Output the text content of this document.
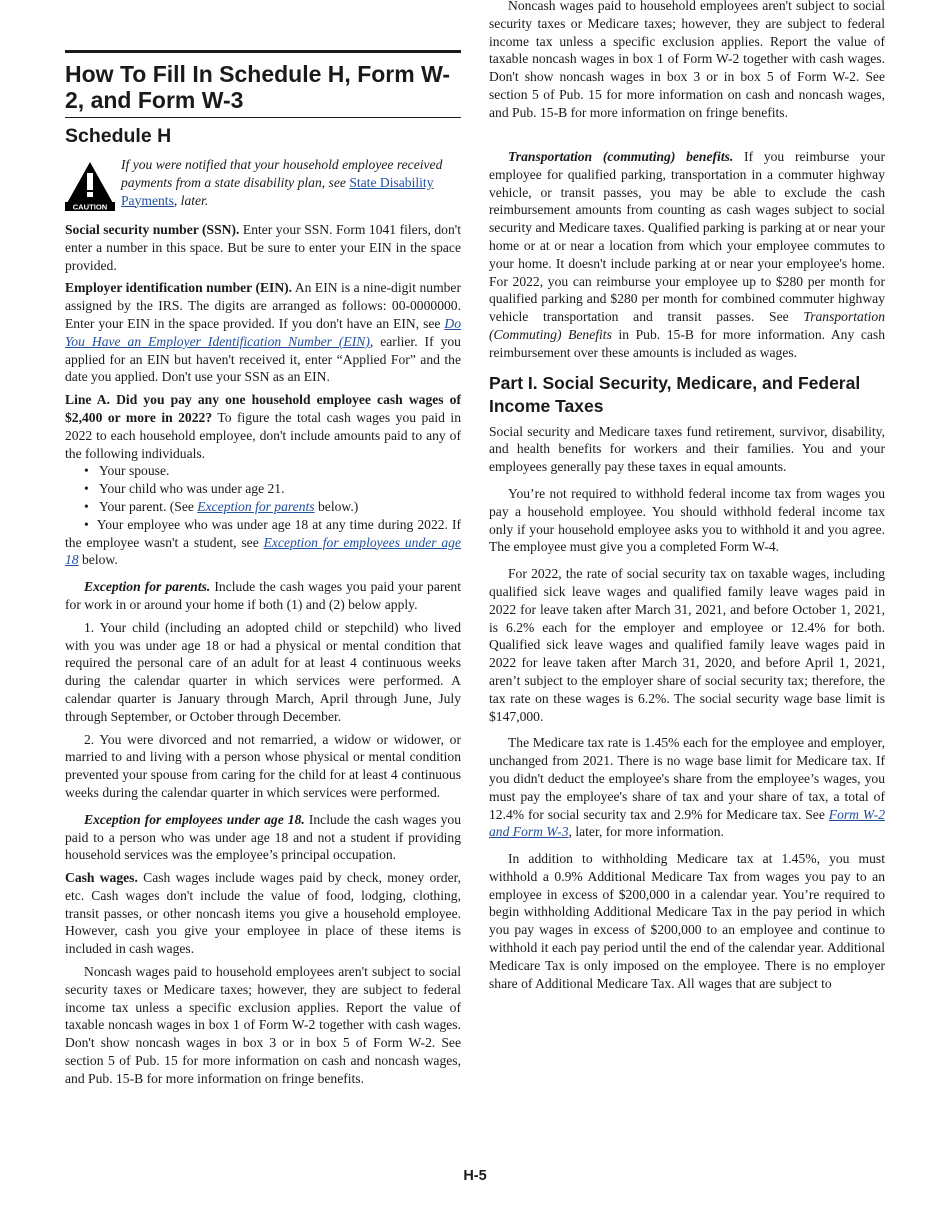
How To Fill In Schedule H, Form W-2, and Form W-3
Schedule H
CAUTION
If you were notified that your household employee received payments from a state disability plan, see State Disability Payments, later.

Social security number (SSN). Enter your SSN. Form 1041 filers, don't enter a number in this space. But be sure to enter your EIN in the space provided.

Employer identification number (EIN). An EIN is a nine-digit number assigned by the IRS. The digits are arranged as follows: 00-0000000. Enter your EIN in the space provided. If you don't have an EIN, see Do You Have an Employer Identification Number (EIN), earlier. If you applied for an EIN but haven't received it, enter “Applied For” and the date you applied. Don't use your SSN as an EIN.

Line A. Did you pay any one household employee cash wages of $2,400 or more in 2022? To figure the total cash wages you paid in 2022 to each household employee, don't include amounts paid to any of the following individuals.

• Your spouse.
• Your child who was under age 21.
• Your parent. (See Exception for parents below.)

•  Your employee who was under age 18 at any time during 2022. If the employee wasn't a student, see Exception for employees under age 18 below.

Exception for parents. Include the cash wages you paid your parent for work in or around your home if both (1) and (2) below apply.

1. Your child (including an adopted child or stepchild) who lived with you was under age 18 or had a physical or mental condition that required the personal care of an adult for at least 4 continuous weeks during the calendar quarter in which services were performed. A calendar quarter is January through March, April through June, July through September, or October through December.

2. You were divorced and not remarried, a widow or widower, or married to and living with a person whose physical or mental condition prevented your spouse from caring for the child for at least 4 continuous weeks during the calendar quarter in which services were performed.

Exception for employees under age 18. Include the cash wages you paid to a person who was under age 18 and not a student if providing household services was the employee’s principal occupation.

Cash wages. Cash wages include wages paid by check, money order, etc. Cash wages don't include the value of food, lodging, clothing, transit passes, or other noncash items you give a household employee. However, cash you give your employee in place of these items is included in cash wages.

Noncash wages paid to household employees aren't subject to social security taxes or Medicare taxes; however, they are subject to federal income tax unless a specific exclusion applies. Report the value of taxable noncash wages in box 1 of Form W-2 together with cash wages. Don't show noncash wages in box 3 or in box 5 of Form W-2. See section 5 of Pub. 15 for more information on cash and noncash wages, and Pub. 15-B for more information on fringe benefits.

Noncash wages paid to household employees aren't subject to social security taxes or Medicare taxes; however, they are subject to federal income tax unless a specific exclusion applies. Report the value of taxable noncash wages in box 1 of Form W-2 together with cash wages. Don't show noncash wages in box 3 or in box 5 of Form W-2. See section 5 of Pub. 15 for more information on cash and noncash wages, and Pub. 15-B for more information on fringe benefits.

Transportation (commuting) benefits. If you reimburse your employee for qualified parking, transportation in a commuter highway vehicle, or transit passes, you may be able to exclude the cash reimbursement amounts from counting as cash wages subject to social security and Medicare taxes. Qualified parking is parking at or near your home or at or near a location from which your employee commutes to your home. It doesn't include parking at or near your employee's home. For 2022, you can reimburse your employee up to $280 per month for qualified parking and $280 per month for combined commuter highway vehicle transportation and transit passes. See Transportation (Commuting) Benefits in Pub. 15-B for more information. Any cash reimbursement over these amounts is included as wages.

Part I. Social Security, Medicare, and Federal Income Taxes

Social security and Medicare taxes fund retirement, survivor, disability, and health benefits for workers and their families. You and your employees generally pay these taxes in equal amounts.

You’re not required to withhold federal income tax from wages you pay a household employee. You should withhold federal income tax only if your household employee asks you to withhold it and you agree. The employee must give you a completed Form W-4.

For 2022, the rate of social security tax on taxable wages, including qualified sick leave wages and qualified family leave wages paid in 2022 for leave taken after March 31, 2021, and before October 1, 2021, is 6.2% each for the employer and employee or 12.4% for both. Qualified sick leave wages and qualified family leave wages paid in 2022 for leave taken after March 31, 2020, and before April 1, 2021, aren’t subject to the employer share of social security tax; therefore, the tax rate on these wages is 6.2%. The social security wage base limit is $147,000.

The Medicare tax rate is 1.45% each for the employee and employer, unchanged from 2021. There is no wage base limit for Medicare tax. If you didn't deduct the employee's share from the employee’s wages, you must pay the employee's share of tax and your share of tax, a total of 12.4% for social security tax and 2.9% for Medicare tax. See Form W-2 and Form W-3, later, for more information.

In addition to withholding Medicare tax at 1.45%, you must withhold a 0.9% Additional Medicare Tax from wages you pay to an employee in excess of $200,000 in a calendar year. You’re required to begin withholding Additional Medicare Tax in the pay period in which you pay wages in excess of $200,000 to an employee and continue to withhold it each pay period until the end of the calendar year. Additional Medicare Tax is only imposed on the employee. There is no employer share of Additional Medicare Tax. All wages that are subject to

H-5
